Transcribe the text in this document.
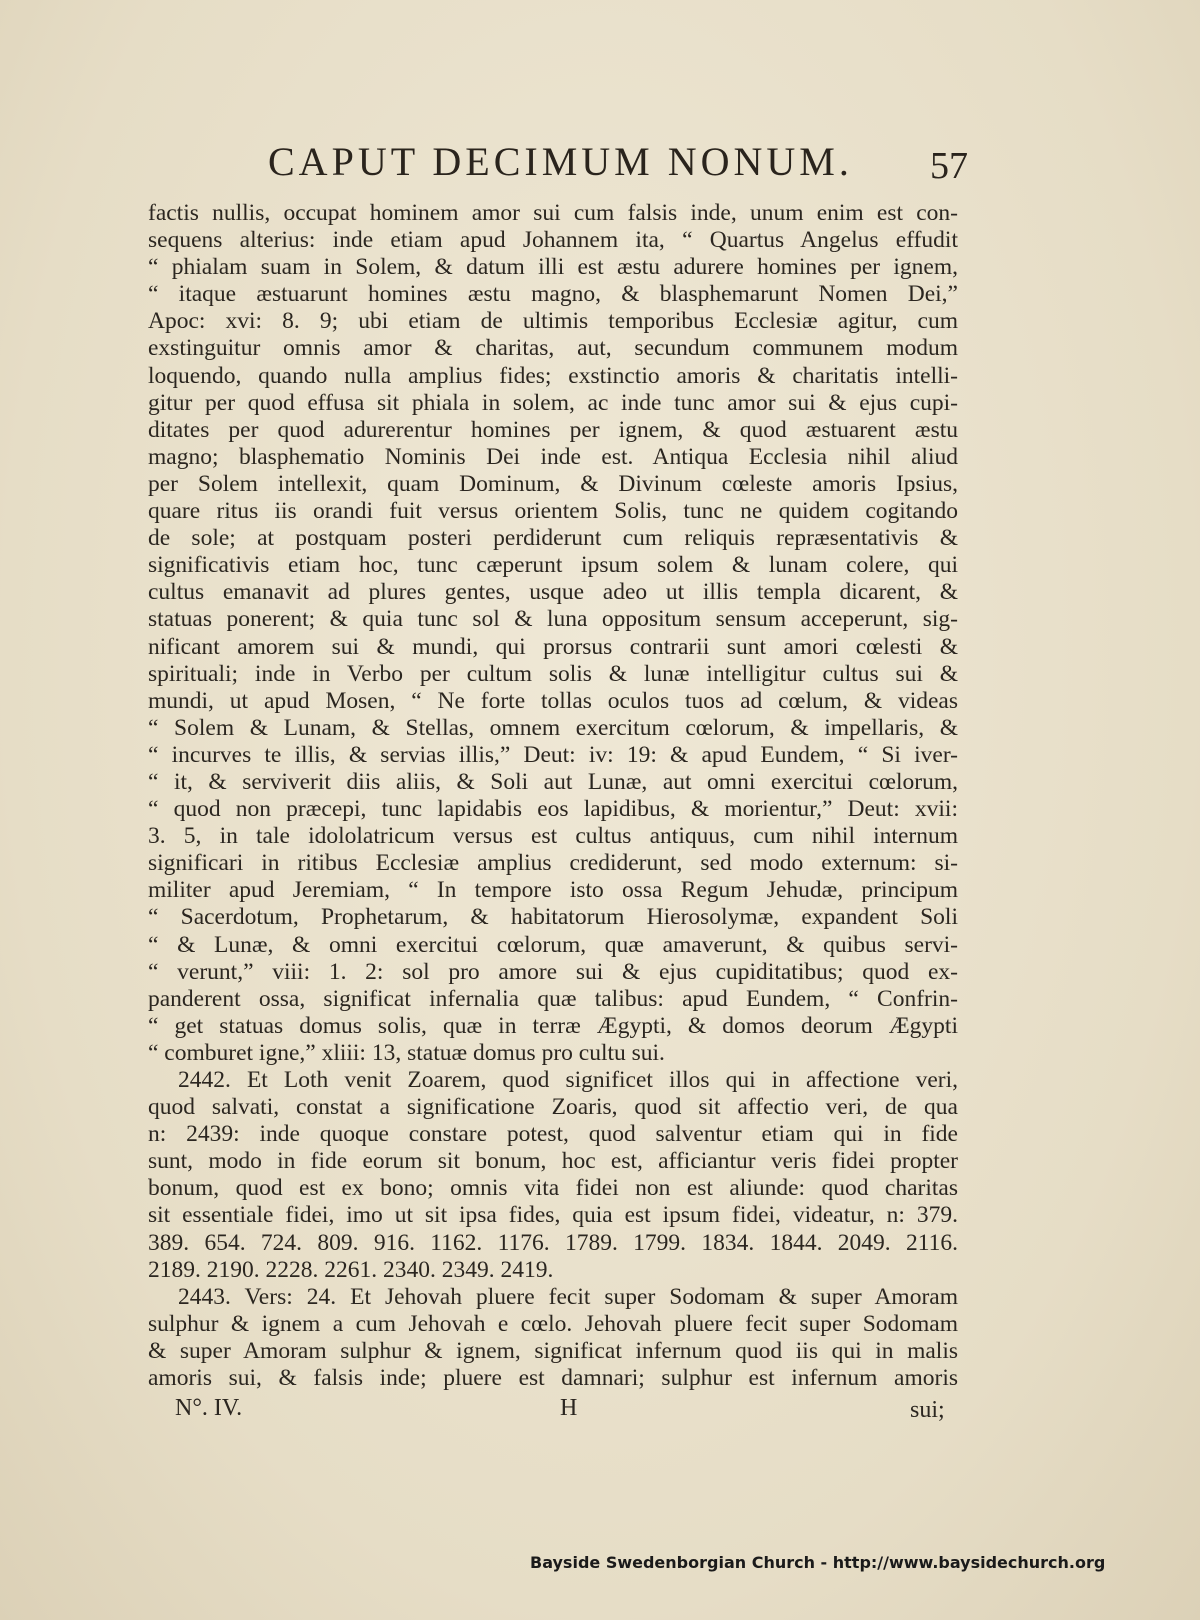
CAPUT DECIMUM NONUM. 57
factis nullis, occupat hominem amor sui cum falsis inde, unum enim est con-
sequens alterius: inde etiam apud Johannem ita, “ Quartus Angelus effudit
“ phialam suam in Solem, & datum illi est æstu adurere homines per ignem,
“ itaque æstuarunt homines æstu magno, & blasphemarunt Nomen Dei,”
Apoc: xvi: 8. 9; ubi etiam de ultimis temporibus Ecclesiæ agitur, cum
exstinguitur omnis amor & charitas, aut, secundum communem modum
loquendo, quando nulla amplius fides; exstinctio amoris & charitatis intelli-
gitur per quod effusa sit phiala in solem, ac inde tunc amor sui & ejus cupi-
ditates per quod adurerentur homines per ignem, & quod æstuarent æstu
magno; blasphematio Nominis Dei inde est. Antiqua Ecclesia nihil aliud
per Solem intellexit, quam Dominum, & Divinum cœleste amoris Ipsius,
quare ritus iis orandi fuit versus orientem Solis, tunc ne quidem cogitando
de sole; at postquam posteri perdiderunt cum reliquis repræsentativis &
significativis etiam hoc, tunc cæperunt ipsum solem & lunam colere, qui
cultus emanavit ad plures gentes, usque adeo ut illis templa dicarent, &
statuas ponerent; & quia tunc sol & luna oppositum sensum acceperunt, sig-
nificant amorem sui & mundi, qui prorsus contrarii sunt amori cœlesti &
spirituali; inde in Verbo per cultum solis & lunæ intelligitur cultus sui &
mundi, ut apud Mosen, “ Ne forte tollas oculos tuos ad cœlum, & videas
“ Solem & Lunam, & Stellas, omnem exercitum cœlorum, & impellaris, &
“ incurves te illis, & servias illis,” Deut: iv: 19: & apud Eundem, “ Si iver-
“ it, & serviverit diis aliis, & Soli aut Lunæ, aut omni exercitui cœlorum,
“ quod non præcepi, tunc lapidabis eos lapidibus, & morientur,” Deut: xvii:
3. 5, in tale idololatricum versus est cultus antiquus, cum nihil internum
significari in ritibus Ecclesiæ amplius crediderunt, sed modo externum: si-
militer apud Jeremiam, “ In tempore isto ossa Regum Jehudæ, principum
“ Sacerdotum, Prophetarum, & habitatorum Hierosolymæ, expandent Soli
“ & Lunæ, & omni exercitui cœlorum, quæ amaverunt, & quibus servi-
“ verunt,” viii: 1. 2: sol pro amore sui & ejus cupiditatibus; quod ex-
panderent ossa, significat infernalia quæ talibus: apud Eundem, “ Confrin-
“ get statuas domus solis, quæ in terræ Ægypti, & domos deorum Ægypti
“ comburet igne,” xliii: 13, statuæ domus pro cultu sui.
2442. Et Loth venit Zoarem, quod significet illos qui in affectione veri,
quod salvati, constat a significatione Zoaris, quod sit affectio veri, de qua
n: 2439: inde quoque constare potest, quod salventur etiam qui in fide
sunt, modo in fide eorum sit bonum, hoc est, afficiantur veris fidei propter
bonum, quod est ex bono; omnis vita fidei non est aliunde: quod charitas
sit essentiale fidei, imo ut sit ipsa fides, quia est ipsum fidei, videatur, n: 379.
389. 654. 724. 809. 916. 1162. 1176. 1789. 1799. 1834. 1844. 2049. 2116.
2189. 2190. 2228. 2261. 2340. 2349. 2419.
2443. Vers: 24. Et Jehovah pluere fecit super Sodomam & super Amoram
sulphur & ignem a cum Jehovah e cœlo. Jehovah pluere fecit super Sodomam
& super Amoram sulphur & ignem, significat infernum quod iis qui in malis
amoris sui, & falsis inde; pluere est damnari; sulphur est infernum amoris
N°. IV.	H	sui;
Bayside Swedenborgian Church - http://www.baysidechurch.org
